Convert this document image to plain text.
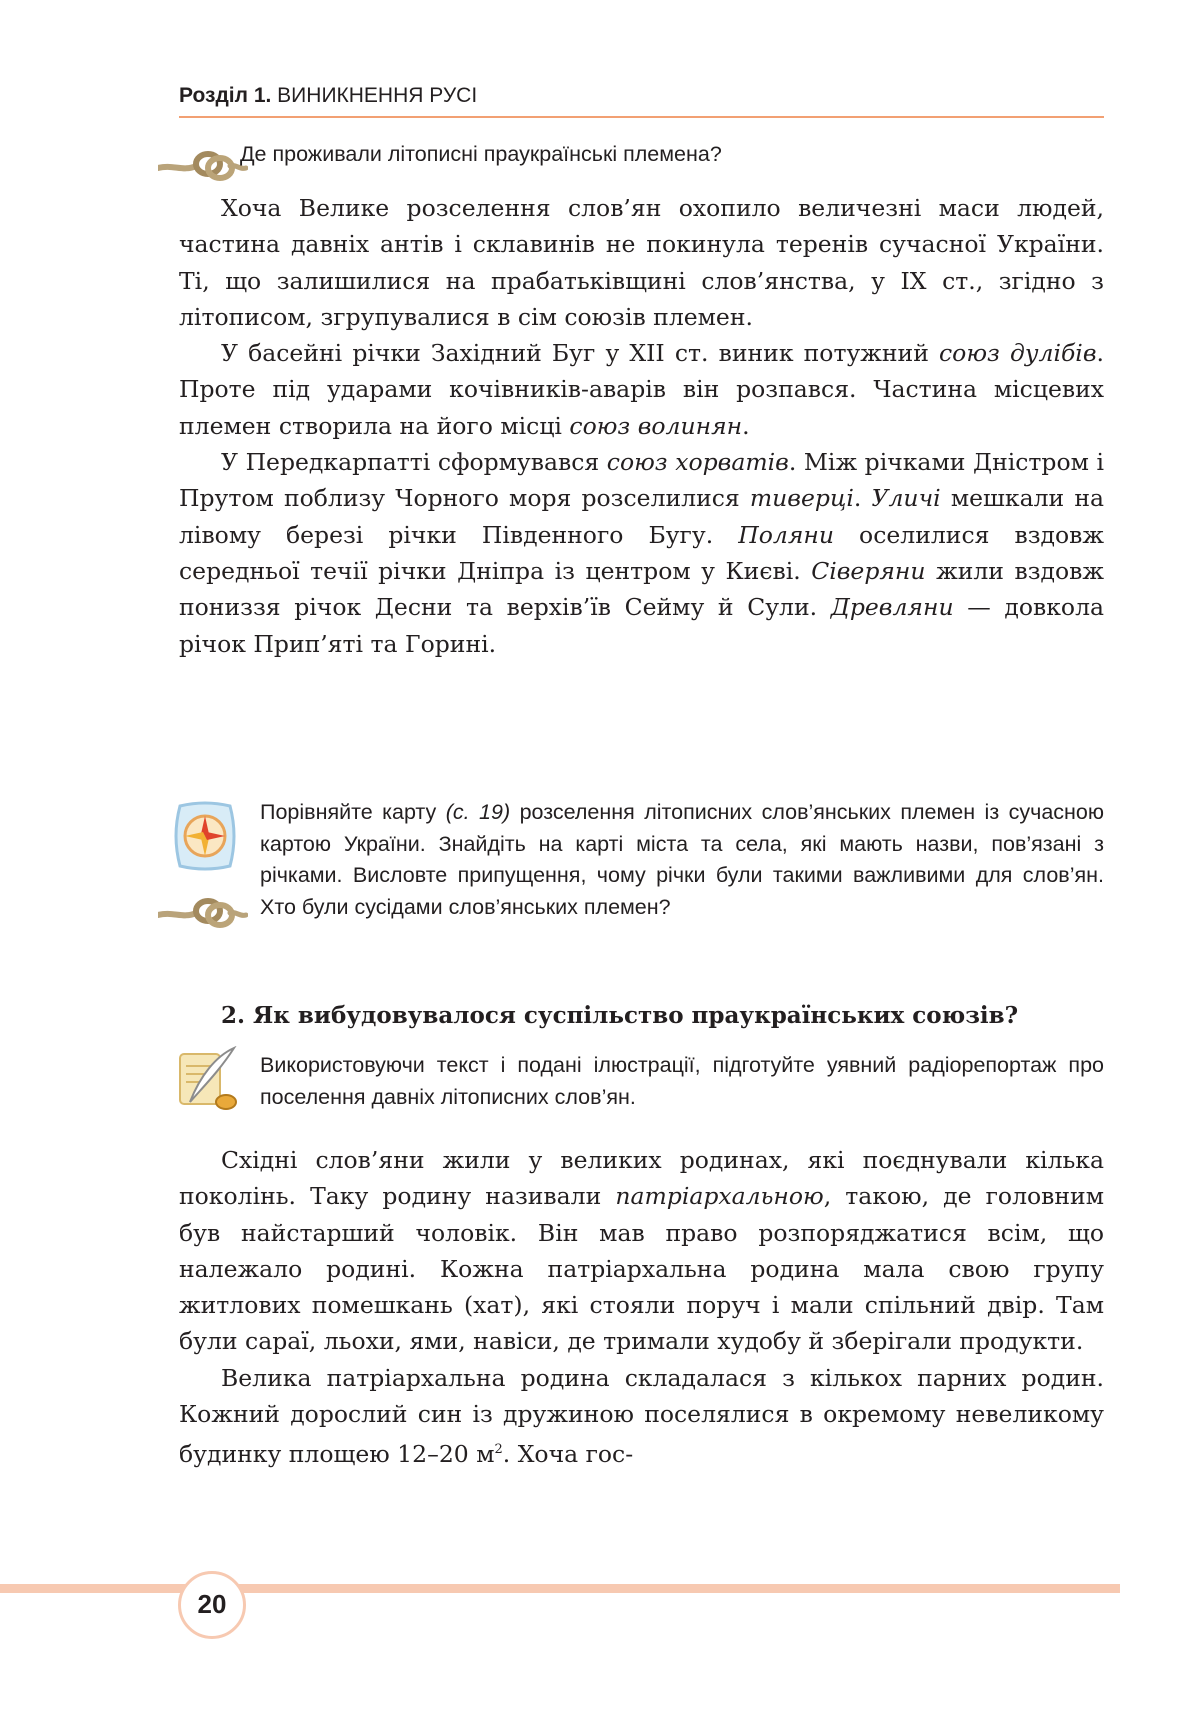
Розділ 1. ВИНИКНЕННЯ РУСІ
Де проживали літописні праукраїнські племена?

Хоча Велике розселення слов’ян охопило величезні маси людей, частина давніх антів і склавинів не покинула теренів сучасної України. Ті, що залишилися на прабатьківщині слов’янства, у IX ст., згідно з літописом, згрупувалися в сім союзів племен.

У басейні річки Західний Буг у XII ст. виник потужний союз дулібів. Проте під ударами кочівників-аварів він розпався. Частина місцевих племен створила на його місці союз волинян.

У Передкарпатті сформувався союз хорватів. Між річками Дністром і Прутом поблизу Чорного моря розселилися тиверці. Уличі мешкали на лівому березі річки Південного Бугу. Поляни оселилися вздовж середньої течії річки Дніпра із центром у Києві. Сіверяни жили вздовж пониззя річок Десни та верхів’їв Сейму й Сули. Древляни — довкола річок Прип’яті та Горині.

Порівняйте карту (с. 19) розселення літописних слов’янських племен із сучасною картою України. Знайдіть на карті міста та села, які мають назви, пов’язані з річками. Висловте припущення, чому річки були такими важливими для слов’ян. Хто були сусідами слов’янських племен?

2. Як вибудовувалося суспільство праукраїнських союзів?

Використовуючи текст і подані ілюстрації, підготуйте уявний радіорепортаж про поселення давніх літописних слов’ян.

Східні слов’яни жили у великих родинах, які поєднували кілька поколінь. Таку родину називали патріархальною, такою, де головним був найстарший чоловік. Він мав право розпоряджатися всім, що належало родині. Кожна патріархальна родина мала свою групу житлових помешкань (хат), які стояли поруч і мали спільний двір. Там були сараї, льохи, ями, навіси, де тримали худобу й зберігали продукти.

Велика патріархальна родина складалася з кількох парних родин. Кожний дорослий син із дружиною поселялися в окремому невеликому будинку площею 12–20 $м^2$. Хоча гос-

20
